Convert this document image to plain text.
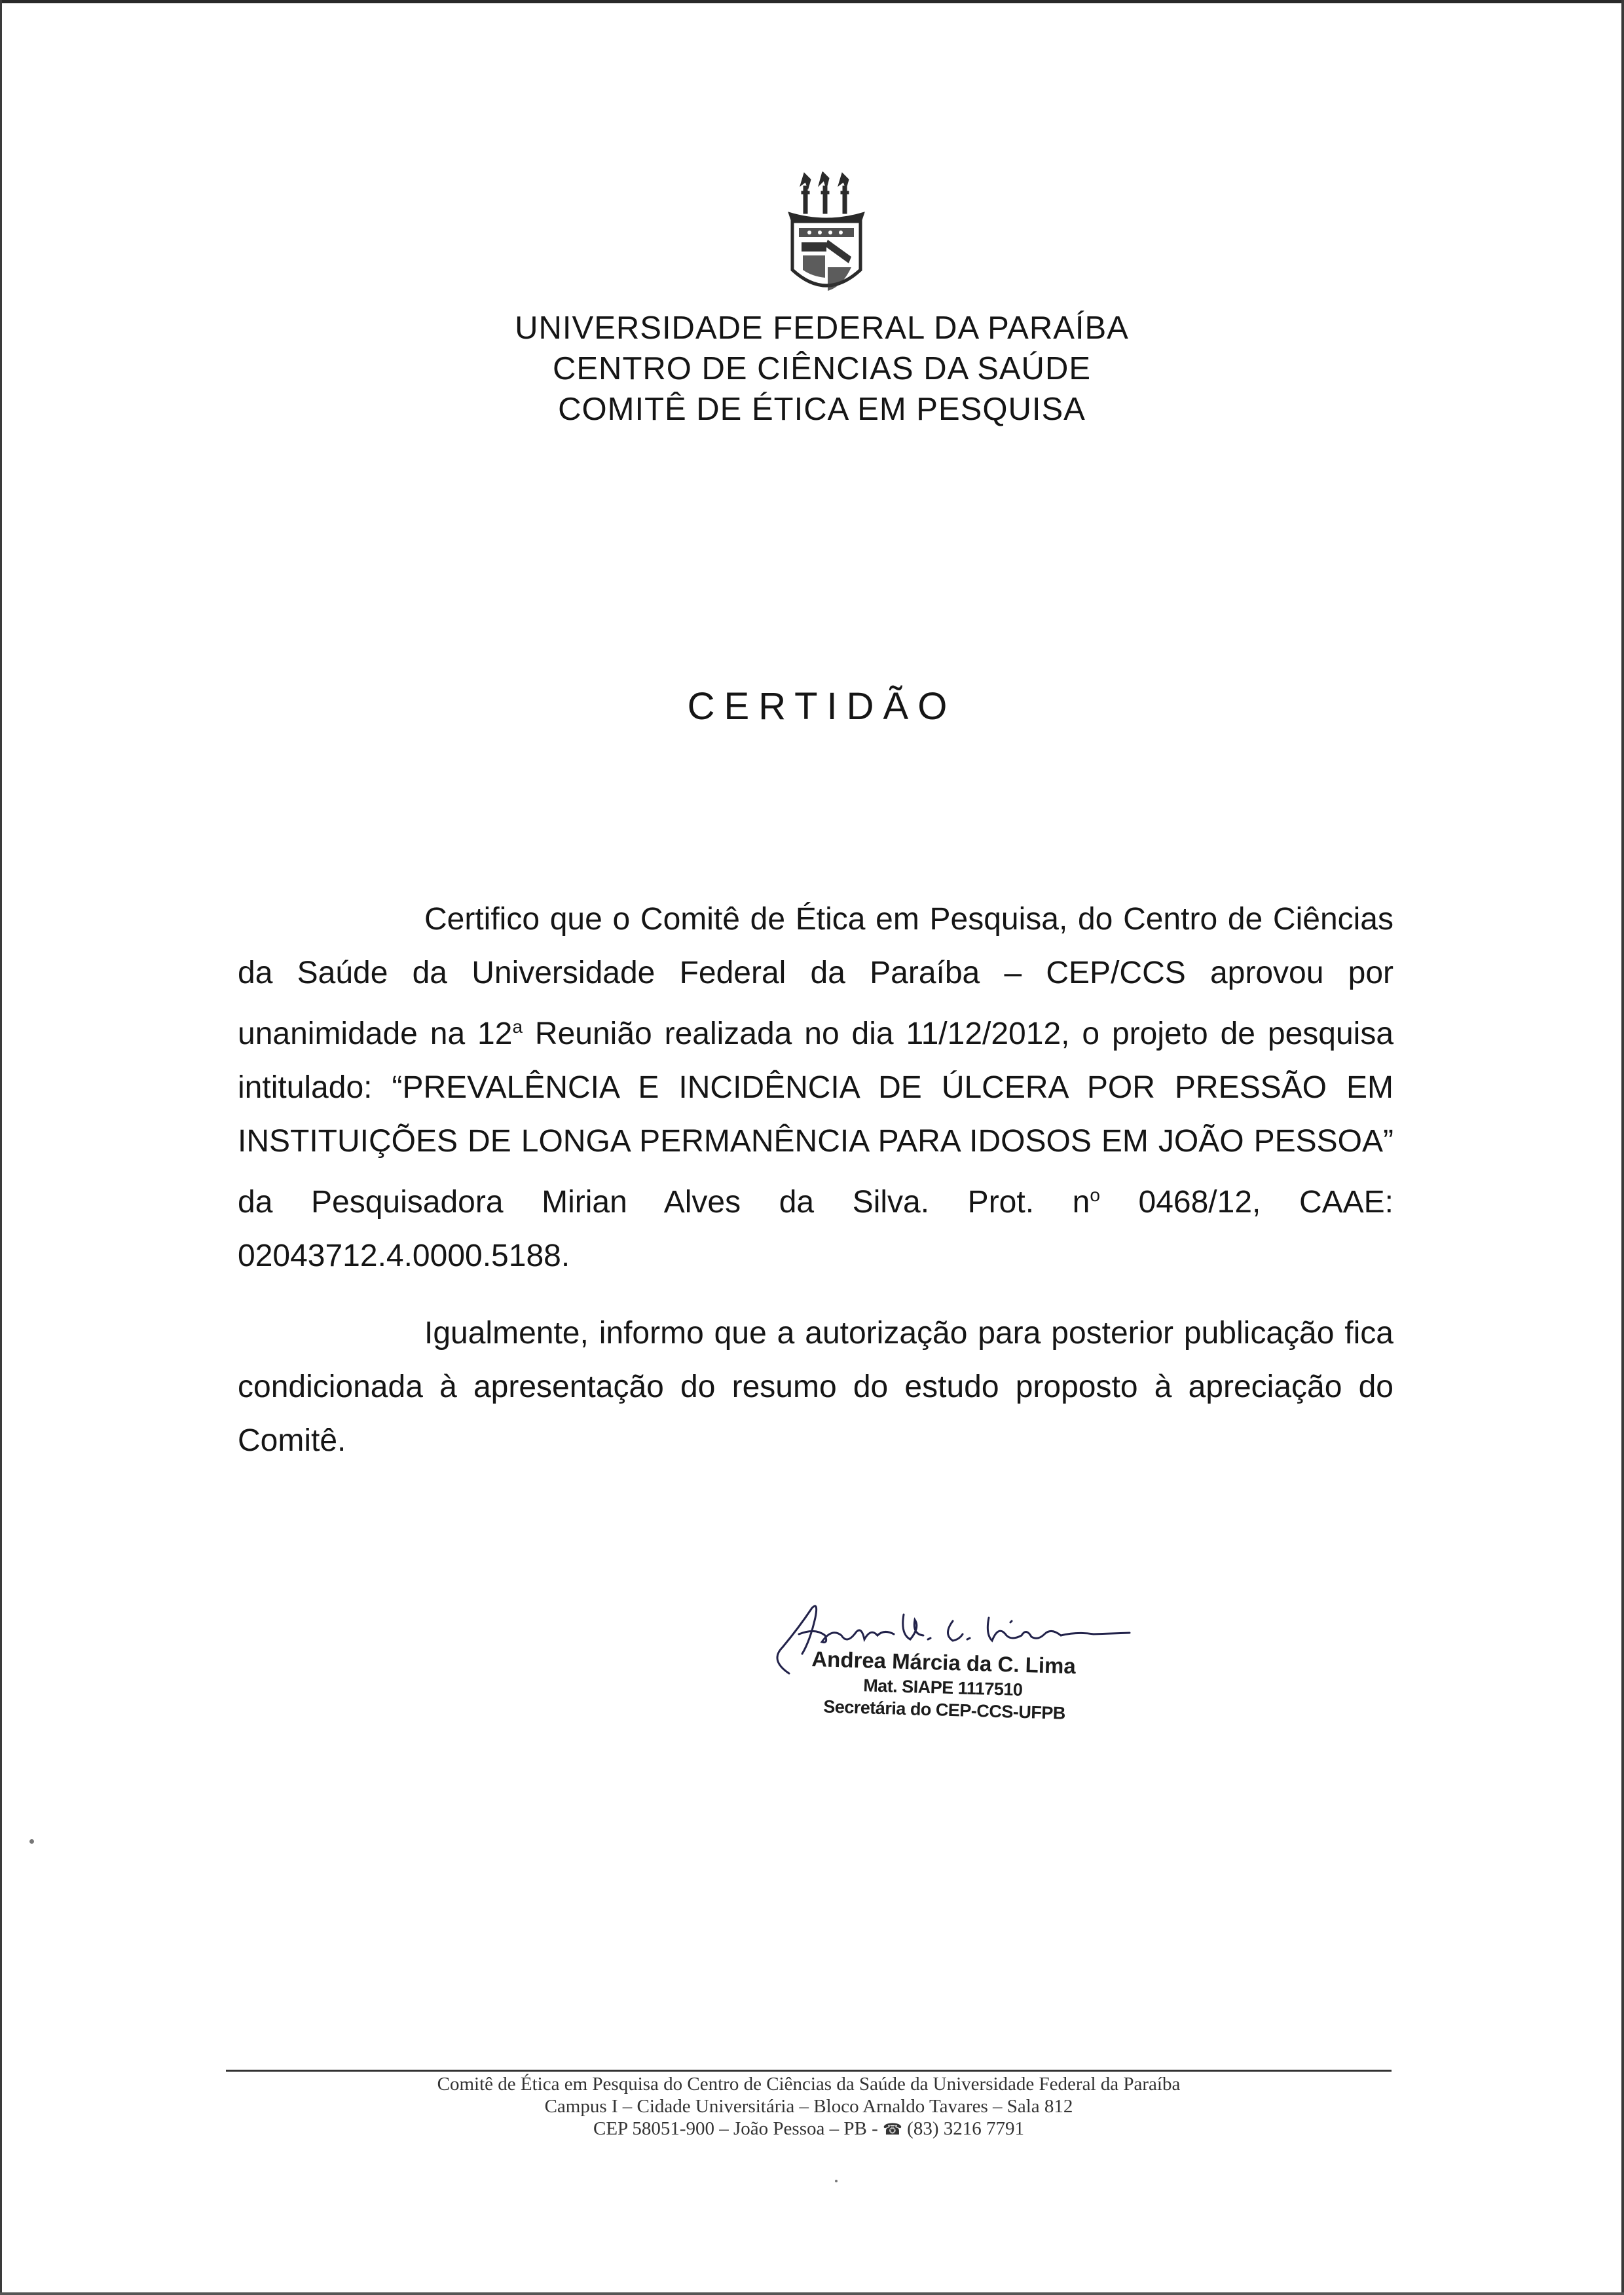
UNIVERSIDADE FEDERAL DA PARAÍBA
CENTRO DE CIÊNCIAS DA SAÚDE
COMITÊ DE ÉTICA EM PESQUISA
CERTIDÃO
Certifico que o Comitê de Ética em Pesquisa, do Centro de Ciências da Saúde da Universidade Federal da Paraíba – CEP/CCS aprovou por unanimidade na 12$^a$ Reunião realizada no dia 11/12/2012, o projeto de pesquisa intitulado: “PREVALÊNCIA E INCIDÊNCIA DE ÚLCERA POR PRESSÃO EM INSTITUIÇÕES DE LONGA PERMANÊNCIA PARA IDOSOS EM JOÃO PESSOA” da Pesquisadora Mirian Alves da Silva. Prot. $n^o$ 0468/12, CAAE: 02043712.4.0000.5188.
Igualmente, informo que a autorização para posterior publicação fica condicionada à apresentação do resumo do estudo proposto à apreciação do Comitê.
Andrea Márcia da C. Lima
Mat. SIAPE 1117510
Secretária do CEP-CCS-UFPB
Comitê de Ética em Pesquisa do Centro de Ciências da Saúde da Universidade Federal da Paraíba
Campus I – Cidade Universitária – Bloco Arnaldo Tavares – Sala 812
CEP 58051-900 – João Pessoa – PB - ☎ (83) 3216 7791
